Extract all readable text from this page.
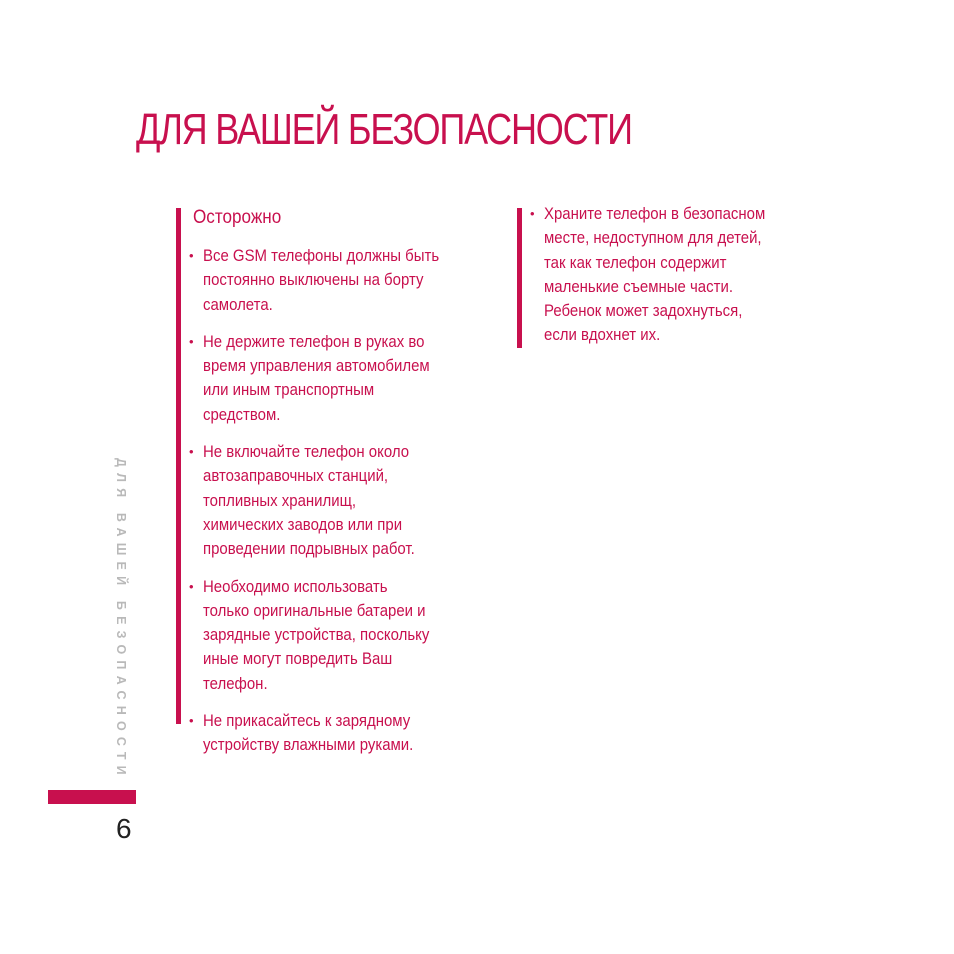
ДЛЯ ВАШЕЙ БЕЗОПАСНОСТИ
Осторожно
• Все GSM телефоны должны быть
постоянно выключены на борту
самолета.
• Не держите телефон в руках во
время управления автомобилем
или иным транспортным
средством.
• Не включайте телефон около
автозаправочных станций,
топливных хранилищ,
химических заводов или при
проведении подрывных работ.
• Необходимо использовать
только оригинальные батареи и
зарядные устройства, поскольку
иные могут повредить Ваш
телефон.
• Не прикасайтесь к зарядному
устройству влажными руками.
• Храните телефон в безопасном
месте, недоступном для детей,
так как телефон содержит
маленькие съемные части.
Ребенок может задохнуться,
если вдохнет их.
ДЛЯ ВАШЕЙ БЕЗОПАСНОСТИ
6
